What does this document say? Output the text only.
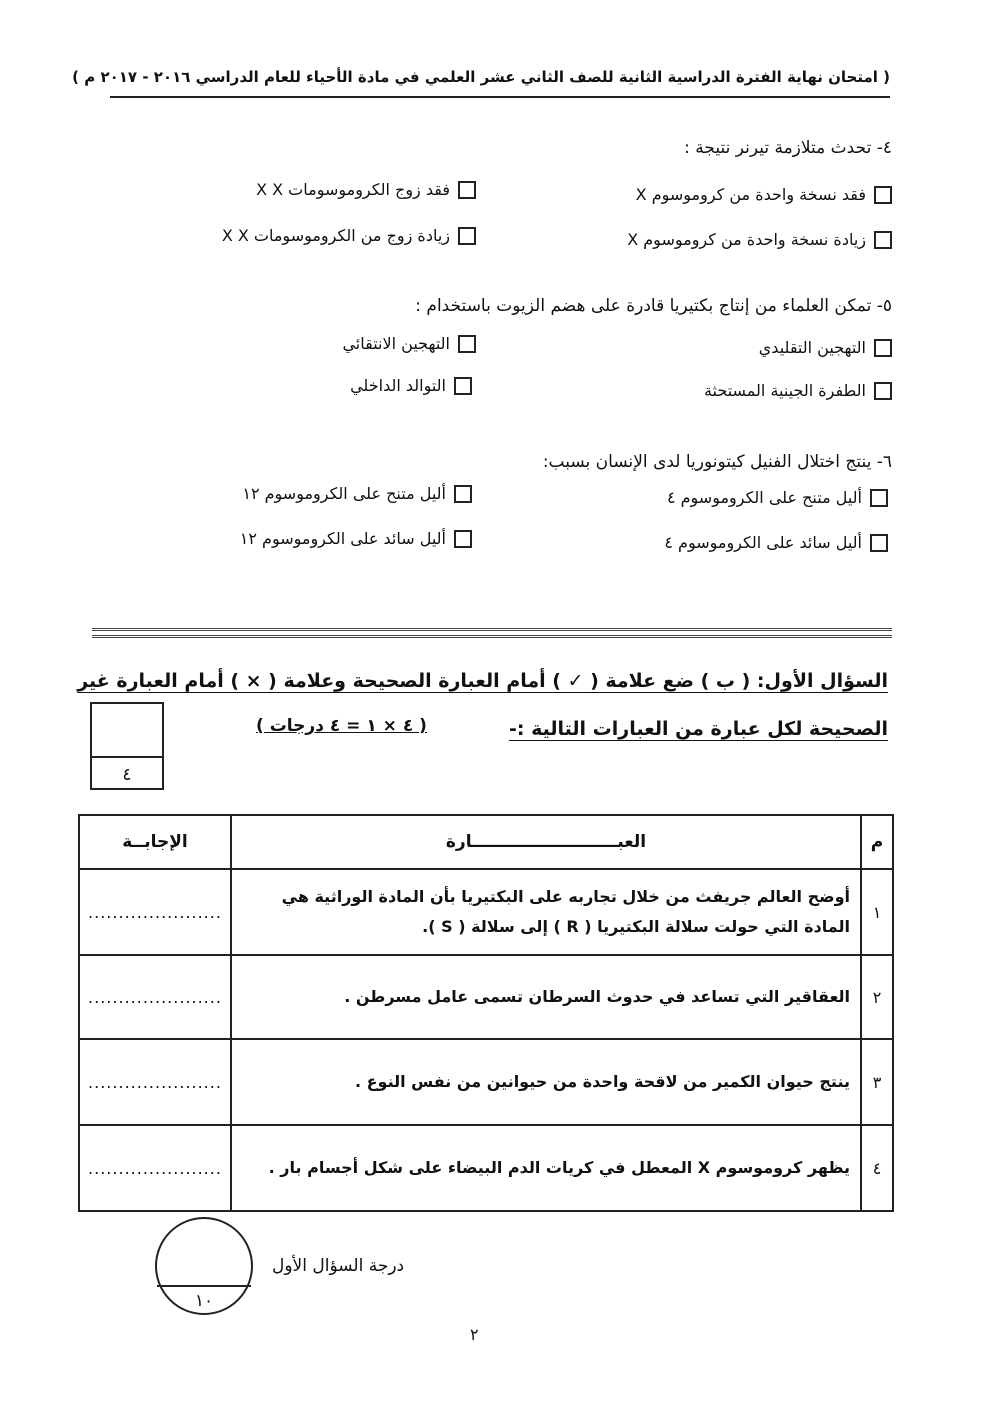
( امتحان نهاية الفترة الدراسية الثانية للصف الثاني عشر العلمي في مادة الأحياء للعام الدراسي ٢٠١٦ - ٢٠١٧ م )
٤- تحدث متلازمة تيرنر نتيجة :
فقد نسخة واحدة من كروموسوم X
فقد زوج الكروموسومات X X
زيادة نسخة واحدة من كروموسوم X
زيادة زوج من الكروموسومات X X
٥- تمكن العلماء من إنتاج بكتيريا قادرة على هضم الزيوت باستخدام :
التهجين التقليدي
التهجين الانتقائي
الطفرة الجينية المستحثة
التوالد الداخلي
٦- ينتج اختلال الفنيل كيتونوريا لدى الإنسان بسبب:
أليل متنح على الكروموسوم ٤
أليل متنح على الكروموسوم ١٢
أليل سائد على الكروموسوم ٤
أليل سائد على الكروموسوم ١٢
السؤال الأول: ( ب ) ضع علامة ( ✓ ) أمام العبارة الصحيحة وعلامة ( × ) أمام العبارة غير
الصحيحة لكل عبارة من العبارات التالية :-
( ٤ × ١ = ٤ درجات )
٤
م	العبـــــــــــــــــــــــــارة	الإجابــة
١	أوضح العالم جريفث من خلال تجاربه على البكتيريا بأن المادة الوراثية هي المادة التي حولت سلالة البكتيريا ( R ) إلى سلالة ( S ).	......................
٢	العقاقير التي تساعد في حدوث السرطان تسمى عامل مسرطن .	......................
٣	ينتج حيوان الكمير من لاقحة واحدة من حيوانين من نفس النوع .	......................
٤	يظهر كروموسوم X المعطل في كريات الدم البيضاء على شكل أجسام بار .	......................
١٠
درجة السؤال الأول
٢
